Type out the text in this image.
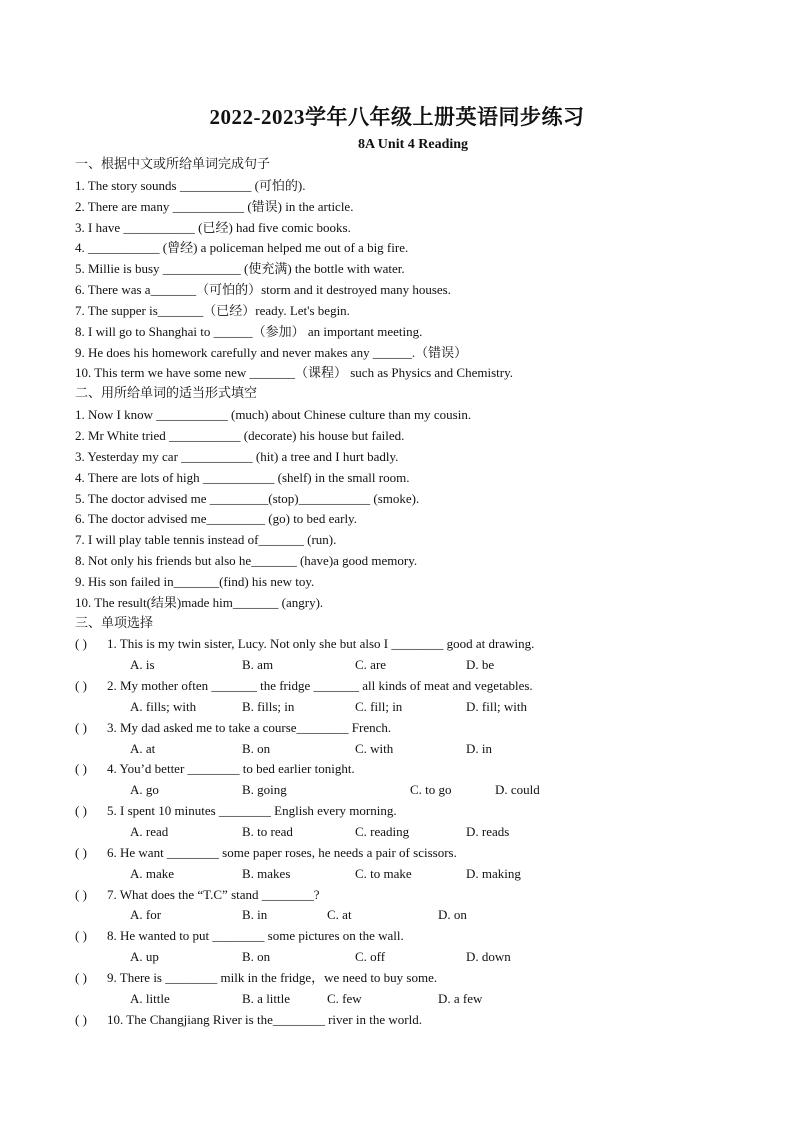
2022-2023学年八年级上册英语同步练习
8A Unit 4 Reading
一、根据中文或所给单词完成句子
1. The story sounds ___________ (可怕的).
2. There are many ___________ (错误) in the article.
3. I have ___________ (已经) had five comic books.
4. ___________ (曾经) a policeman helped me out of a big fire.
5. Millie is busy ____________ (使充满) the bottle with water.
6. There was a_______（可怕的）storm and it destroyed many houses.
7. The supper is_______（已经）ready. Let's begin.
8. I will go to Shanghai to ______（参加） an important meeting.
9. He does his homework carefully and never makes any ______.（错误）
10. This term we have some new _______（课程） such as Physics and Chemistry.
二、用所给单词的适当形式填空
1. Now I know ___________ (much) about Chinese culture than my cousin.
2. Mr White tried ___________ (decorate) his house but failed.
3. Yesterday my car ___________ (hit) a tree and I hurt badly.
4. There are lots of high ___________ (shelf) in the small room.
5. The doctor advised me _________(stop)___________ (smoke).
6. The doctor advised me_________ (go) to bed early.
7. I will play table tennis instead of_______ (run).
8. Not only his friends but also he_______ (have)a good memory.
9. His son failed in_______(find) his new toy.
10. The result(结果)made him_______ (angry).
三、单项选择
( ) 1. This is my twin sister, Lucy. Not only she but also I ________ good at drawing.
A. is	B. am	C. are	D. be
( ) 2. My mother often _______ the fridge _______ all kinds of meat and vegetables.
A. fills; with	B. fills; in	C. fill; in	D. fill; with
( ) 3. My dad asked me to take a course________ French.
A. at	B. on	C. with	D. in
( ) 4. You’d better ________ to bed earlier tonight.
A. go	B. going	C. to go	D. could
( ) 5. I spent 10 minutes ________ English every morning.
A. read	B. to read	C. reading	D. reads
( ) 6. He want ________ some paper roses, he needs a pair of scissors.
A. make	B. makes	C. to make	D. making
( ) 7. What does the “T.C” stand ________?
A. for	B. in	C. at	D. on
( ) 8. He wanted to put ________ some pictures on the wall.
A. up	B. on	C. off	D. down
( ) 9. There is ________ milk in the fridge，we need to buy some.
A. little	B. a little	C. few	D. a few
( ) 10. The Changjiang River is the________ river in the world.
